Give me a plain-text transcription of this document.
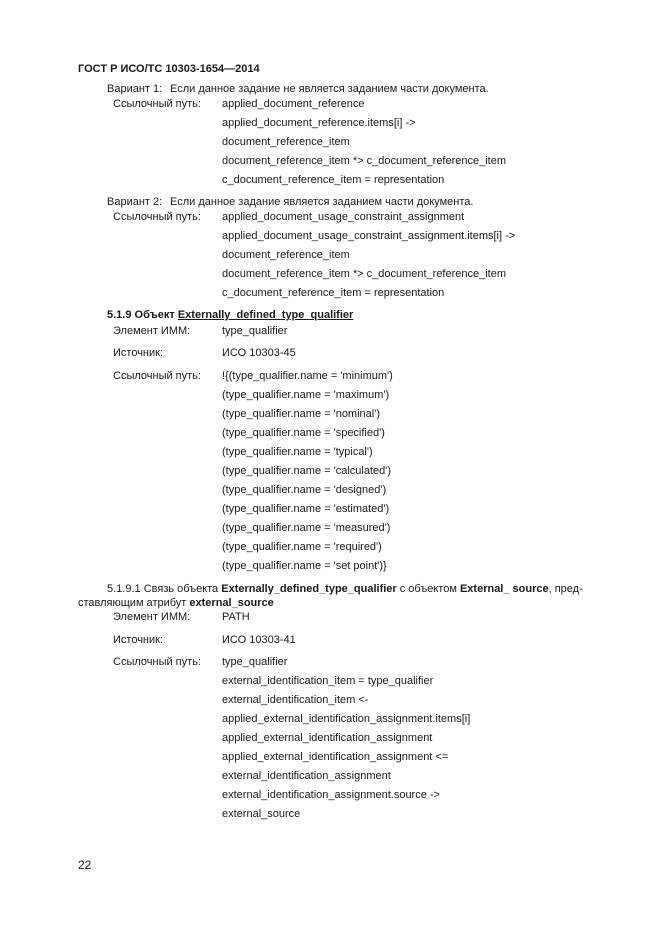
ГОСТ Р ИСО/ТС 10303-1654—2014
Вариант 1: Если данное задание не является заданием части документа.
Ссылочный путь: applied_document_reference
applied_document_reference.items[i] ->
document_reference_item
document_reference_item *> c_document_reference_item
c_document_reference_item = representation
Вариант 2: Если данное задание является заданием части документа.
Ссылочный путь: applied_document_usage_constraint_assignment
applied_document_usage_constraint_assignment.items[i] ->
document_reference_item
document_reference_item *> c_document_reference_item
c_document_reference_item = representation
5.1.9 Объект Externally_defined_type_qualifier
Элемент ИММ:	type_qualifier
Источник:	ИСО 10303-45
Ссылочный путь: !{(type_qualifier.name = 'minimum')
(type_qualifier.name = 'maximum')
(type_qualifier.name = 'nominal')
(type_qualifier.name = 'specified')
(type_qualifier.name = 'typical')
(type_qualifier.name = 'calculated')
(type_qualifier.name = 'designed')
(type_qualifier.name = 'estimated')
(type_qualifier.name = 'measured')
(type_qualifier.name = 'required')
(type_qualifier.name = 'set point')}
5.1.9.1 Связь объекта Externally_defined_type_qualifier с объектом External_ source, пред-
ставляющим атрибут external_source
Элемент ИММ:	PATH
Источник:	ИСО 10303-41
Ссылочный путь: type_qualifier
external_identification_item = type_qualifier
external_identification_item <-
applied_external_identification_assignment.items[i]
applied_external_identification_assignment
applied_external_identification_assignment <=
external_identification_assignment
external_identification_assignment.source ->
external_source
22
